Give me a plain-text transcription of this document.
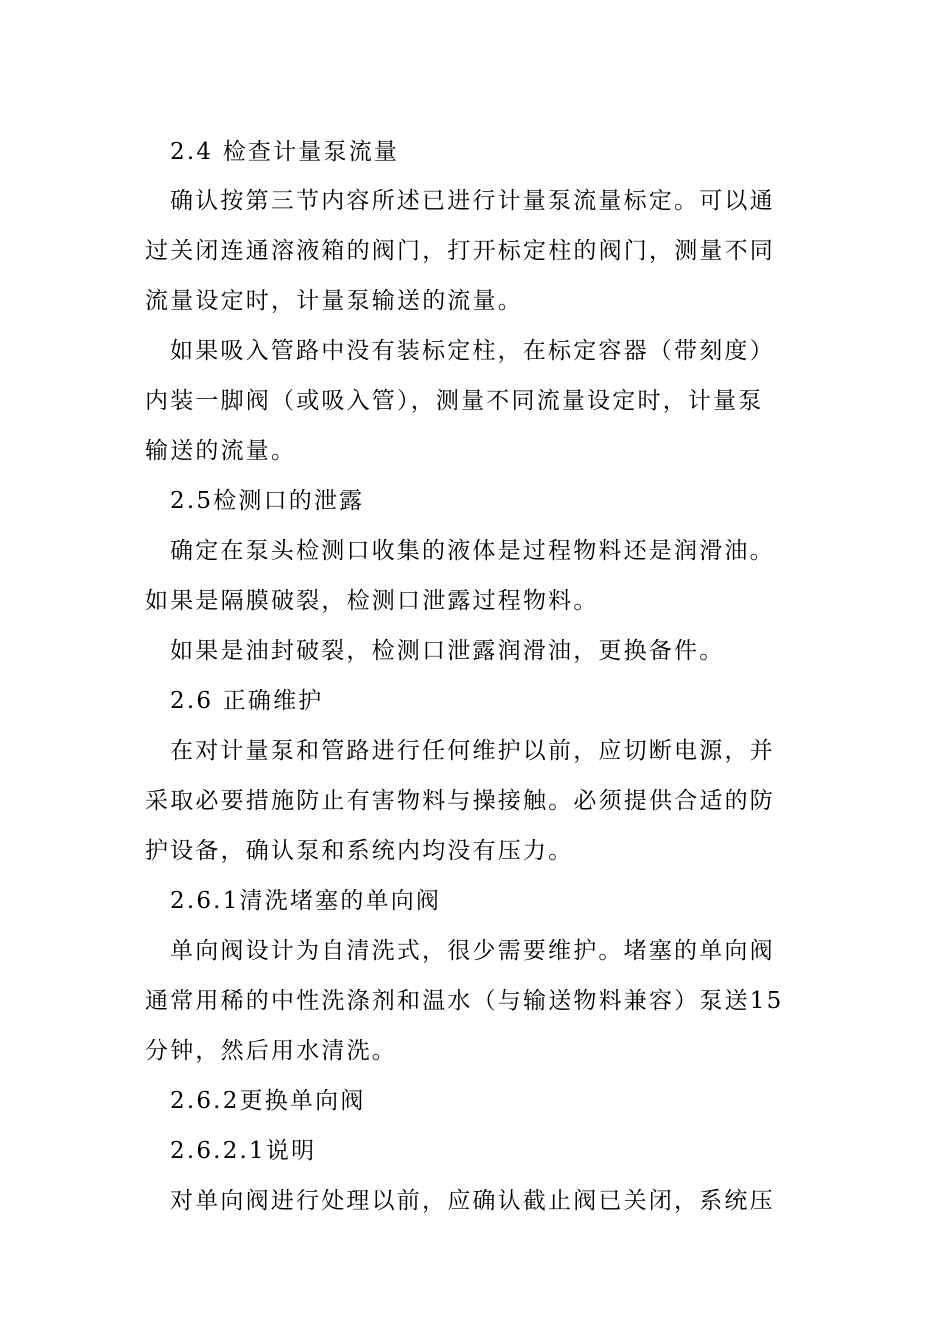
2.4 检查计量泵流量
确认按第三节内容所述已进行计量泵流量标定。可以通
过关闭连通溶液箱的阀门，打开标定柱的阀门，测量不同
流量设定时，计量泵输送的流量。
如果吸入管路中没有装标定柱，在标定容器（带刻度）
内装一脚阀（或吸入管），测量不同流量设定时，计量泵
输送的流量。
2.5检测口的泄露
确定在泵头检测口收集的液体是过程物料还是润滑油。
如果是隔膜破裂，检测口泄露过程物料。
如果是油封破裂，检测口泄露润滑油，更换备件。
2.6 正确维护
在对计量泵和管路进行任何维护以前，应切断电源，并
采取必要措施防止有害物料与操接触。必须提供合适的防
护设备，确认泵和系统内均没有压力。
2.6.1清洗堵塞的单向阀
单向阀设计为自清洗式，很少需要维护。堵塞的单向阀
通常用稀的中性洗涤剂和温水（与输送物料兼容）泵送15
分钟，然后用水清洗。
2.6.2更换单向阀
2.6.2.1说明
对单向阀进行处理以前，应确认截止阀已关闭，系统压
